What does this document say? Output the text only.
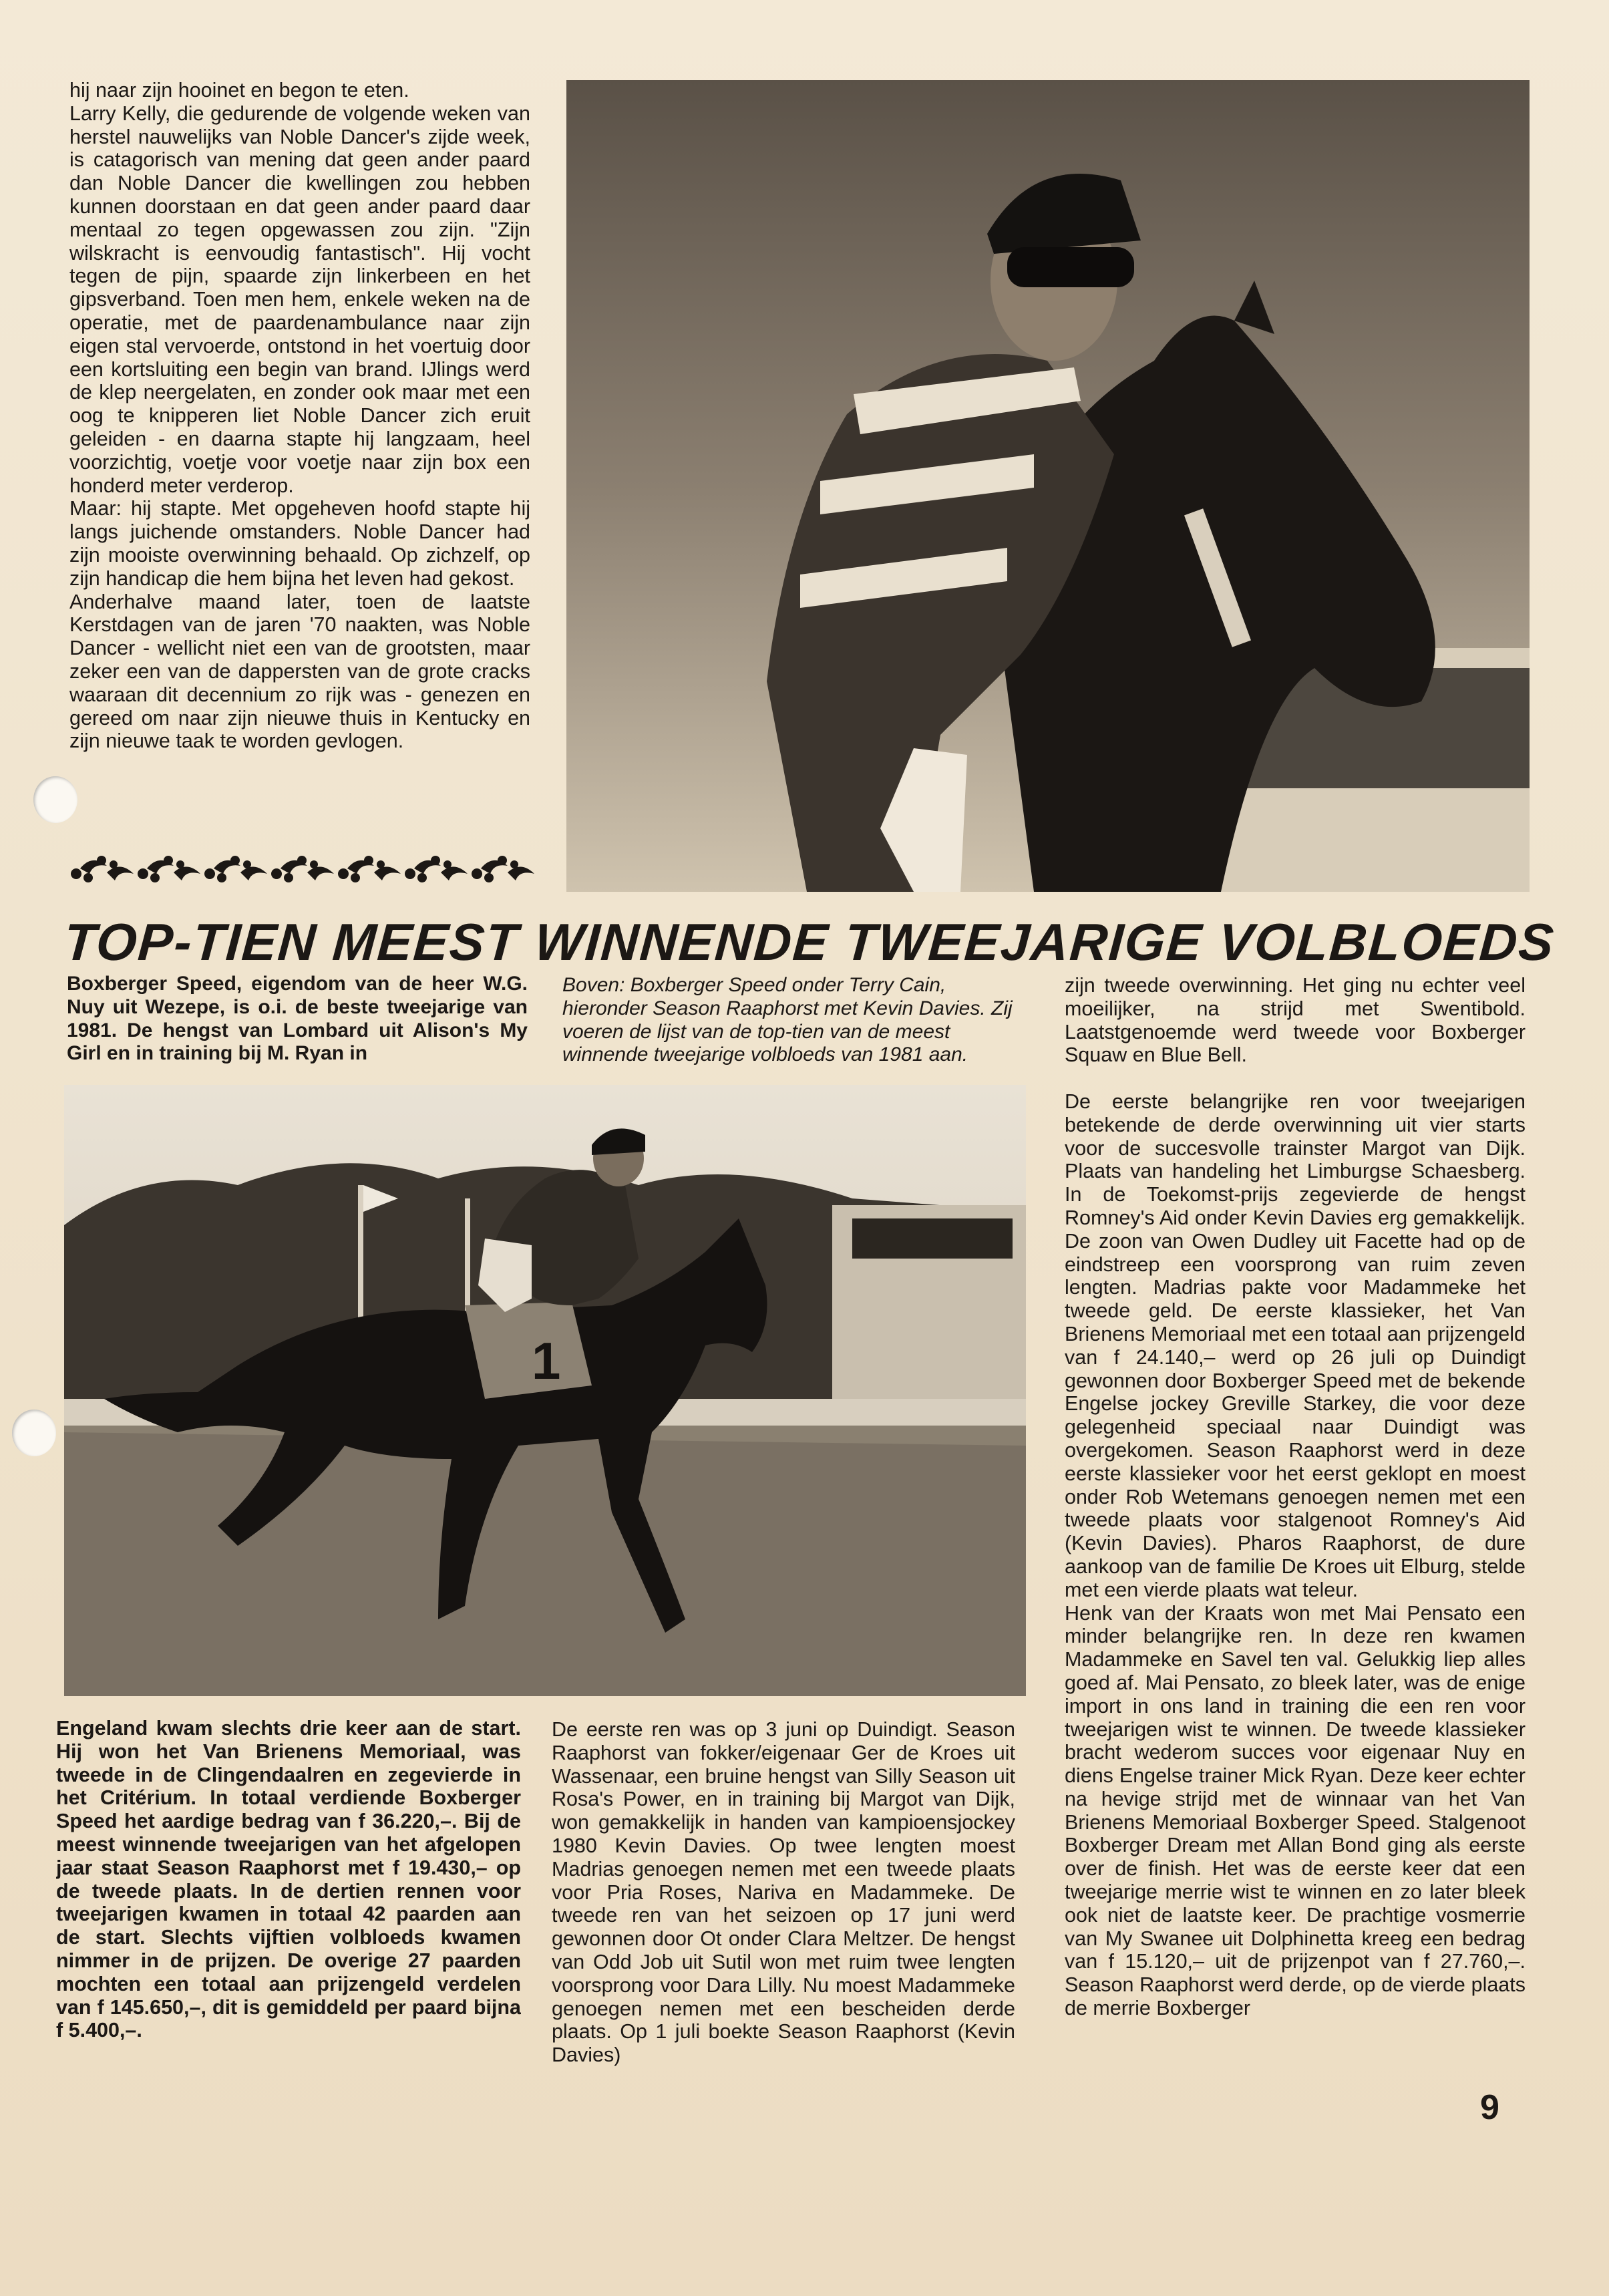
hij naar zijn hooinet en begon te eten.
Larry Kelly, die gedurende de volgende weken van herstel nauwelijks van Noble Dancer's zijde week, is catagorisch van mening dat geen ander paard dan Noble Dancer die kwellingen zou hebben kunnen doorstaan en dat geen ander paard daar mentaal zo tegen opgewassen zou zijn. "Zijn wilskracht is eenvoudig fantastisch". Hij vocht tegen de pijn, spaarde zijn linkerbeen en het gipsverband. Toen men hem, enkele weken na de operatie, met de paardenambulance naar zijn eigen stal vervoerde, ontstond in het voertuig door een kortsluiting een begin van brand. IJlings werd de klep neergelaten, en zonder ook maar met een oog te knipperen liet Noble Dancer zich eruit geleiden - en daarna stapte hij langzaam, heel voorzichtig, voetje voor voetje naar zijn box een honderd meter verderop.
Maar: hij stapte. Met opgeheven hoofd stapte hij langs juichende omstanders. Noble Dancer had zijn mooiste overwinning behaald. Op zichzelf, op zijn handicap die hem bijna het leven had gekost.
Anderhalve maand later, toen de laatste Kerstdagen van de jaren '70 naakten, was Noble Dancer - wellicht niet een van de grootsten, maar zeker een van de dappersten van de grote cracks waaraan dit decennium zo rijk was - genezen en gereed om naar zijn nieuwe thuis in Kentucky en zijn nieuwe taak te worden gevlogen.
TOP-TIEN MEEST WINNENDE TWEEJARIGE VOLBLOEDS
Boxberger Speed, eigendom van de heer W.G. Nuy uit Wezepe, is o.i. de beste tweejarige van 1981. De hengst van Lombard uit Alison's My Girl en in training bij M. Ryan in
Boven: Boxberger Speed onder Terry Cain, hieronder Season Raaphorst met Kevin Davies. Zij voeren de lijst van de top-tien van de meest winnende tweejarige volbloeds van 1981 aan.
zijn tweede overwinning. Het ging nu echter veel moeilijker, na strijd met Swentibold. Laatstgenoemde werd tweede voor Boxberger Squaw en Blue Bell.

De eerste belangrijke ren voor tweejarigen betekende de derde overwinning uit vier starts voor de succesvolle trainster Margot van Dijk. Plaats van handeling het Limburgse Schaesberg. In de Toekomst-prijs zegevierde de hengst Romney's Aid onder Kevin Davies erg gemakkelijk. De zoon van Owen Dudley uit Facette had op de eindstreep een voorsprong van ruim zeven lengten. Madrias pakte voor Madammeke het tweede geld. De eerste klassieker, het Van Brienens Memoriaal met een totaal aan prijzengeld van f 24.140,– werd op 26 juli op Duindigt gewonnen door Boxberger Speed met de bekende Engelse jockey Greville Starkey, die voor deze gelegenheid speciaal naar Duindigt was overgekomen. Season Raaphorst werd in deze eerste klassieker voor het eerst geklopt en moest onder Rob Wetemans genoegen nemen met een tweede plaats voor stalgenoot Romney's Aid (Kevin Davies). Pharos Raaphorst, de dure aankoop van de familie De Kroes uit Elburg, stelde met een vierde plaats wat teleur.
Henk van der Kraats won met Mai Pensato een minder belangrijke ren. In deze ren kwamen Madammeke en Savel ten val. Gelukkig liep alles goed af. Mai Pensato, zo bleek later, was de enige import in ons land in training die een ren voor tweejarigen wist te winnen. De tweede klassieker bracht wederom succes voor eigenaar Nuy en diens Engelse trainer Mick Ryan. Deze keer echter na hevige strijd met de winnaar van het Van Brienens Memoriaal Boxberger Speed. Stalgenoot Boxberger Dream met Allan Bond ging als eerste over de finish. Het was de eerste keer dat een tweejarige merrie wist te winnen en zo later bleek ook niet de laatste keer. De prachtige vosmerrie van My Swanee uit Dolphinetta kreeg een bedrag van f 15.120,– uit de prijzenpot van f 27.760,–. Season Raaphorst werd derde, op de vierde plaats de merrie Boxberger
1
Engeland kwam slechts drie keer aan de start. Hij won het Van Brienens Memoriaal, was tweede in de Clingendaalren en zegevierde in het Critérium. In totaal verdiende Boxberger Speed het aardige bedrag van f 36.220,–. Bij de meest winnende tweejarigen van het afgelopen jaar staat Season Raaphorst met f 19.430,– op de tweede plaats. In de dertien rennen voor tweejarigen kwamen in totaal 42 paarden aan de start. Slechts vijftien volbloeds kwamen nimmer in de prijzen. De overige 27 paarden mochten een totaal aan prijzengeld verdelen van f 145.650,–, dit is gemiddeld per paard bijna f 5.400,–.
De eerste ren was op 3 juni op Duindigt. Season Raaphorst van fokker/eigenaar Ger de Kroes uit Wassenaar, een bruine hengst van Silly Season uit Rosa's Power, en in training bij Margot van Dijk, won gemakkelijk in handen van kampioensjockey 1980 Kevin Davies. Op twee lengten moest Madrias genoegen nemen met een tweede plaats voor Pria Roses, Nariva en Madammeke. De tweede ren van het seizoen op 17 juni werd gewonnen door Ot onder Clara Meltzer. De hengst van Odd Job uit Sutil won met ruim twee lengten voorsprong voor Dara Lilly. Nu moest Madammeke genoegen nemen met een bescheiden derde plaats. Op 1 juli boekte Season Raaphorst (Kevin Davies)
9
